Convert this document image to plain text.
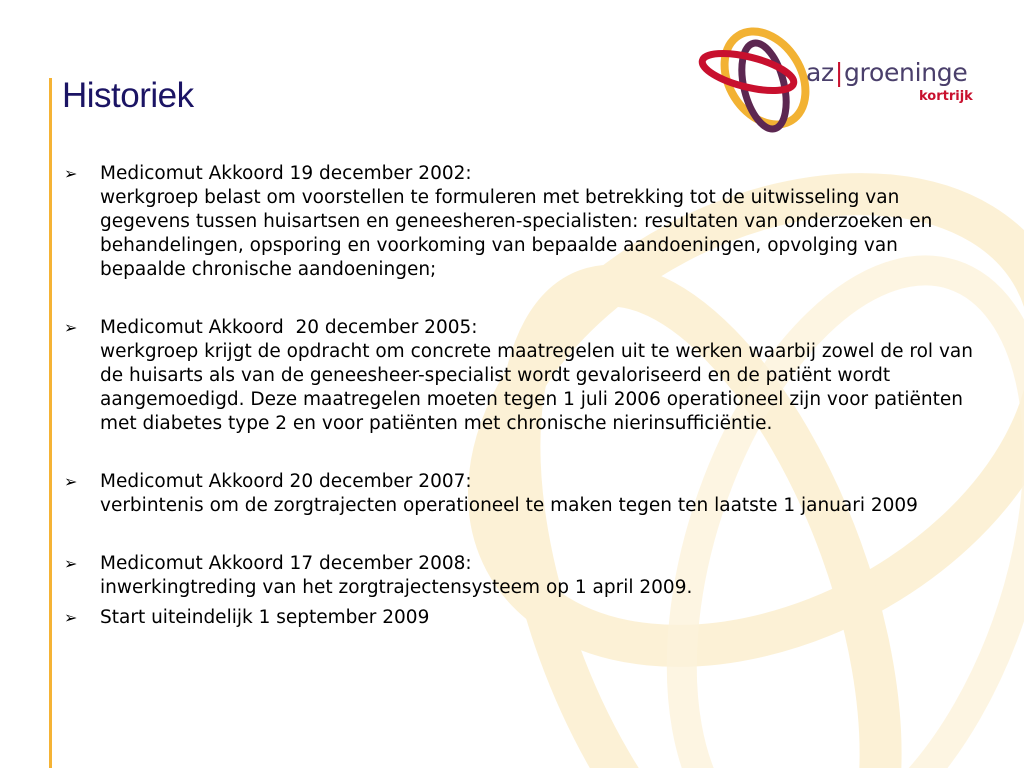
Historiek
az|groeninge
kortrijk
➢ Medicomut Akkoord 19 december 2002:
werkgroep belast om voorstellen te formuleren met betrekking tot de uitwisseling van gegevens tussen huisartsen en geneesheren-specialisten: resultaten van onderzoeken en behandelingen, opsporing en voorkoming van bepaalde aandoeningen, opvolging van bepaalde chronische aandoeningen;
➢ Medicomut Akkoord  20 december 2005:
werkgroep krijgt de opdracht om concrete maatregelen uit te werken waarbij zowel de rol van de huisarts als van de geneesheer-specialist wordt gevaloriseerd en de patiënt wordt aangemoedigd. Deze maatregelen moeten tegen 1 juli 2006 operationeel zijn voor patiënten met diabetes type 2 en voor patiënten met chronische nierinsufficiëntie.
➢ Medicomut Akkoord 20 december 2007:
verbintenis om de zorgtrajecten operationeel te maken tegen ten laatste 1 januari 2009
➢ Medicomut Akkoord 17 december 2008:
inwerkingtreding van het zorgtrajectensysteem op 1 april 2009.
➢ Start uiteindelijk 1 september 2009
